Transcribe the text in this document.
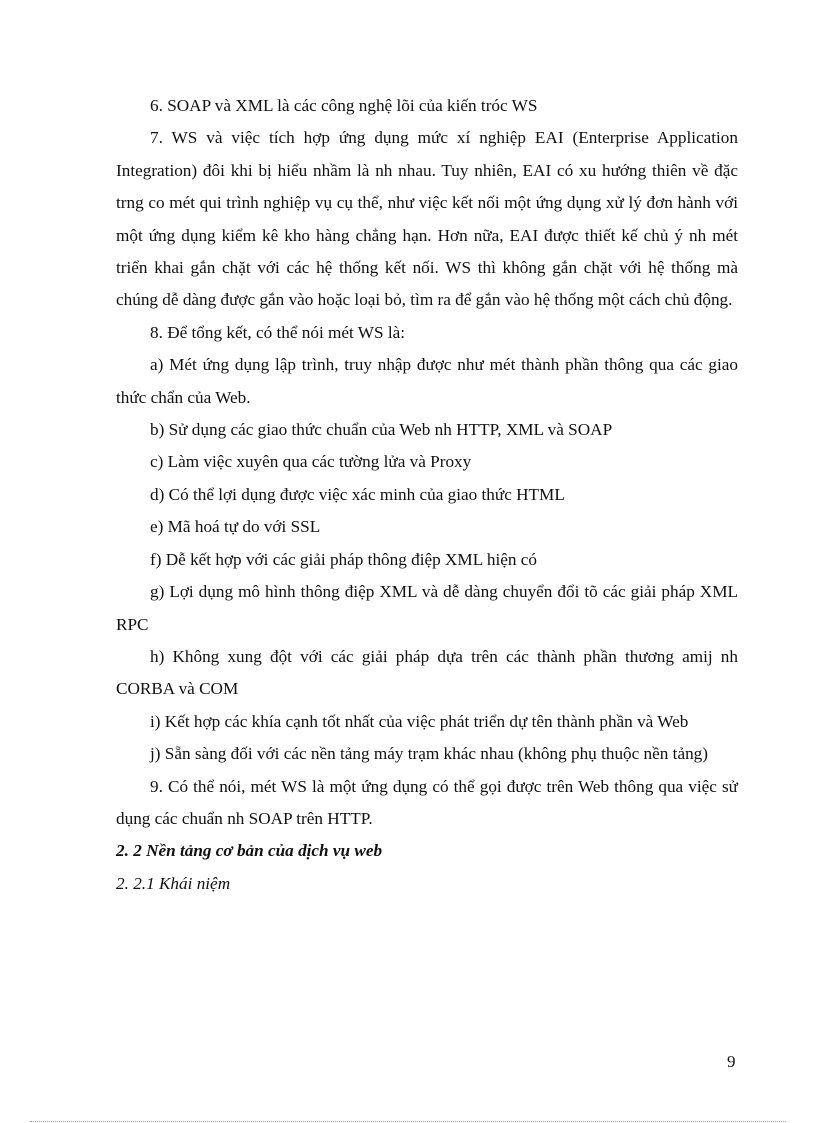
6. SOAP và XML là các công nghệ lõi của kiến tróc WS

7. WS và việc tích hợp ứng dụng mức xí nghiệp EAI (Enterprise Application Integration) đôi khi bị hiểu nhầm là nh nhau. Tuy nhiên, EAI có xu hướng thiên về đặc trng co mét qui trình nghiệp vụ cụ thể, như việc kết nối một ứng dụng xử lý đơn hành với một ứng dụng kiểm kê kho hàng chẳng hạn. Hơn nữa, EAI được thiết kế chủ ý nh mét triển khai gắn chặt với các hệ thống kết nối. WS thì không gắn chặt với hệ thống mà chúng dễ dàng được gắn vào hoặc loại bỏ, tìm ra để gắn vào hệ thống một cách chủ động.

8. Để tổng kết, có thể nói mét WS là:

a) Mét ứng dụng lập trình, truy nhập được như mét thành phần thông qua các giao thức chẩn của Web.

b) Sử dụng các giao thức chuẩn của Web nh HTTP, XML và SOAP

c) Làm việc xuyên qua các tường lửa và Proxy

d) Có thể lợi dụng được việc xác minh của giao thức HTML

e) Mã hoá tự do với SSL

f) Dễ kết hợp với các giải pháp thông điệp XML hiện có

g) Lợi dụng mô hình thông điệp XML và dễ dàng chuyển đổi tõ các giải pháp XML RPC

h) Không xung đột với các giải pháp dựa trên các thành phần thương amij nh CORBA và COM

i) Kết hợp các khía cạnh tốt nhất của việc phát triển dự tên thành phần và Web

j) Sẵn sàng đối với các nền tảng máy trạm khác nhau (không phụ thuộc nền tảng)

9. Có thể nói, mét WS là một ứng dụng có thể gọi được trên Web thông qua việc sử dụng các chuẩn nh SOAP trên HTTP.

2. 2 Nền tảng cơ bản của dịch vụ web

2. 2.1 Khái niệm

9
